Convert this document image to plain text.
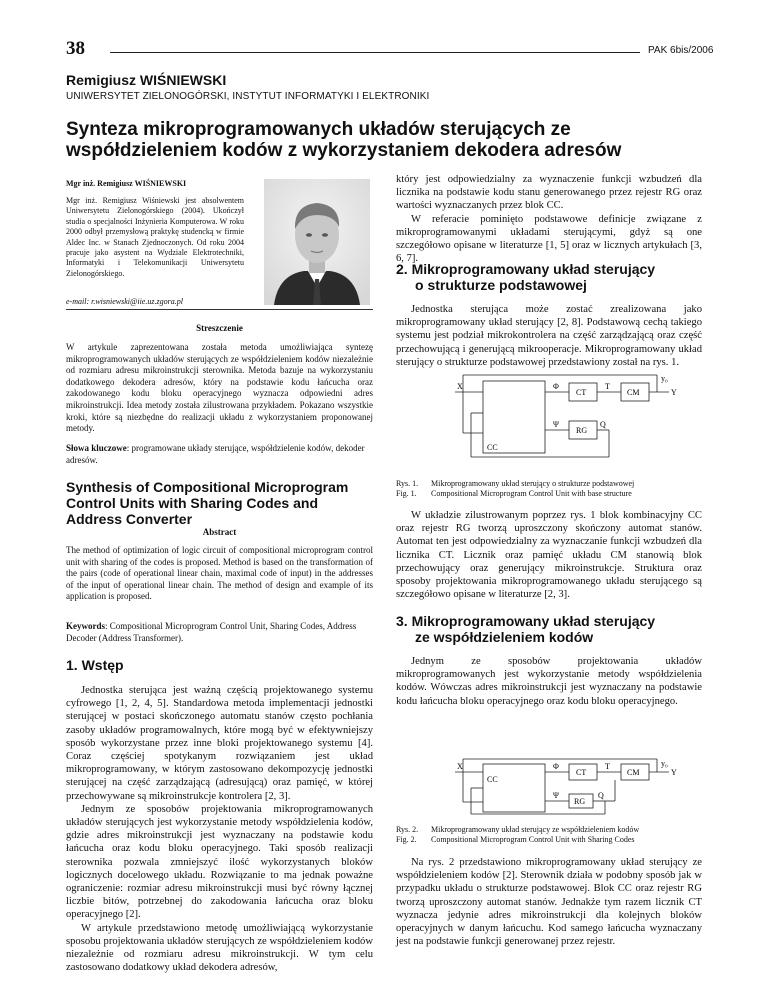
38	PAK 6bis/2006
Remigiusz WIŚNIEWSKI
UNIWERSYTET ZIELONOGÓRSKI, INSTYTUT INFORMATYKI I ELEKTRONIKI
Synteza mikroprogramowanych układów sterujących ze współdzieleniem kodów z wykorzystaniem dekodera adresów
Mgr inż. Remigiusz WIŚNIEWSKI
Mgr inż. Remigiusz Wiśniewski jest absolwentem Uniwersytetu Zielonogórskiego (2004). Ukończył studia o specjalności Inżynieria Komputerowa. W roku 2000 odbył przemysłową praktykę studencką w firmie Aldec Inc. w Stanach Zjednoczonych. Od roku 2004 pracuje jako asystent na Wydziale Elektrotechniki, Informatyki i Telekomunikacji Uniwersytetu Zielonogórskiego.
e-mail: r.wisniewski@iie.uz.zgora.pl
Streszczenie
W artykule zaprezentowana została metoda umożliwiająca syntezę mikroprogramowanych układów sterujących ze współdzieleniem kodów niezależnie od rozmiaru adresu mikroinstrukcji sterownika. Metoda bazuje na wykorzystaniu dodatkowego dekodera adresów, który na podstawie kodu łańcucha oraz zakodowanego kodu bloku operacyjnego wyznacza odpowiedni adres mikroinstrukcji. Idea metody została zilustrowana przykładem. Pokazano wszystkie kroki, które są niezbędne do realizacji układu z wykorzystaniem proponowanej metody.
Słowa kluczowe: programowane układy sterujące, współdzielenie kodów, dekoder adresów.
Synthesis of Compositional Microprogram Control Units with Sharing Codes and Address Converter
Abstract
The method of optimization of logic circuit of compositional microprogram control unit with sharing of the codes is proposed. Method is based on the transformation of the pairs (code of operational linear chain, maximal code of input) in the addresses of the input of operational linear chain. The method of design and example of its application is proposed.
Keywords: Compositional Microprogram Control Unit, Sharing Codes, Address Decoder (Address Transformer).
1. Wstęp

Jednostka sterująca jest ważną częścią projektowanego systemu cyfrowego [1, 2, 4, 5]. Standardowa metoda implementacji jednostki sterującej w postaci skończonego automatu stanów często pochłania zasoby układów programowalnych, które mogą być w efektywniejszy sposób wykorzystane przez inne bloki projektowanego systemu [4]. Coraz częściej spotykanym rozwiązaniem jest układ mikroprogramowany, w którym zastosowano dekompozycję jednostki sterującej na część zarządzającą (adresującą) oraz pamięć, w której przechowywane są mikroinstrukcje kontrolera [2, 3].

Jednym ze sposobów projektowania mikroprogramowanych układów sterujących jest wykorzystanie metody współdzielenia kodów, gdzie adres mikroinstrukcji jest wyznaczany na podstawie kodu łańcucha oraz kodu bloku operacyjnego. Taki sposób realizacji sterownika pozwala zmniejszyć ilość wykorzystanych bloków logicznych docelowego układu. Rozwiązanie to ma jednak poważne ograniczenie: rozmiar adresu mikroinstrukcji musi być równy łącznej liczbie bitów, potrzebnej do zakodowania łańcucha oraz bloku operacyjnego [2].

W artykule przedstawiono metodę umożliwiającą wykorzystanie sposobu projektowania układów sterujących ze współdzieleniem kodów niezależnie od rozmiaru adresu mikroinstrukcji. W tym celu zastosowano dodatkowy układ dekodera adresów,

który jest odpowiedzialny za wyznaczenie funkcji wzbudzeń dla licznika na podstawie kodu stanu generowanego przez rejestr RG oraz wartości wyznaczanych przez blok CC.

W referacie pominięto podstawowe definicje związane z mikroprogramowanymi układami sterującymi, gdyż są one szczegółowo opisane w literaturze [1, 5] oraz w licznych artykułach [3, 6, 7].

2. Mikroprogramowany układ sterujący
o strukturze podstawowej

Jednostka sterująca może zostać zrealizowana jako mikroprogramowany układ sterujący [2, 8]. Podstawową cechą takiego systemu jest podział mikrokontrolera na część zarządzającą oraz część przechowującą i generującą mikrooperacje. Mikroprogramowany układ sterujący o strukturze podstawowej przedstawiony został na rys. 1.

X
CC
Φ
Ψ
CT
T
CM	Y
y₀
RG
Q
Rys. 1.	Mikroprogramowany układ sterujący o strukturze podstawowej
Fig. 1.	Compositional Microprogram Control Unit with base structure

W układzie zilustrowanym poprzez rys. 1 blok kombinacyjny CC oraz rejestr RG tworzą uproszczony skończony automat stanów. Automat ten jest odpowiedzialny za wyznaczanie funkcji wzbudzeń dla licznika CT. Licznik oraz pamięć układu CM stanowią blok przechowujący oraz generujący mikroinstrukcje. Struktura oraz sposoby projektowania mikroprogramowanego układu sterującego są szczegółowo opisane w literaturze [2, 3].

3. Mikroprogramowany układ sterujący
ze współdzieleniem kodów

Jednym ze sposobów projektowania układów mikroprogramowanych jest wykorzystanie metody współdzielenia kodów. Wówczas adres mikroinstrukcji jest wyznaczany na podstawie kodu łańcucha bloku operacyjnego oraz kodu bloku operacyjnego.

X
CC
Φ
Ψ
CT
T
CM	Y
y₀
RG
Q
Rys. 2.	Mikroprogramowany układ sterujący ze współdzieleniem kodów
Fig. 2.	Compositional Microprogram Control Unit with Sharing Codes

Na rys. 2 przedstawiono mikroprogramowany układ sterujący ze współdzieleniem kodów [2]. Sterownik działa w podobny sposób jak w przypadku układu o strukturze podstawowej. Blok CC oraz rejestr RG tworzą uproszczony automat stanów. Jednakże tym razem licznik CT wyznacza jedynie adres mikroinstrukcji dla kolejnych bloków operacyjnych w danym łańcuchu. Kod samego łańcucha wyznaczany jest na podstawie funkcji generowanej przez rejestr.
